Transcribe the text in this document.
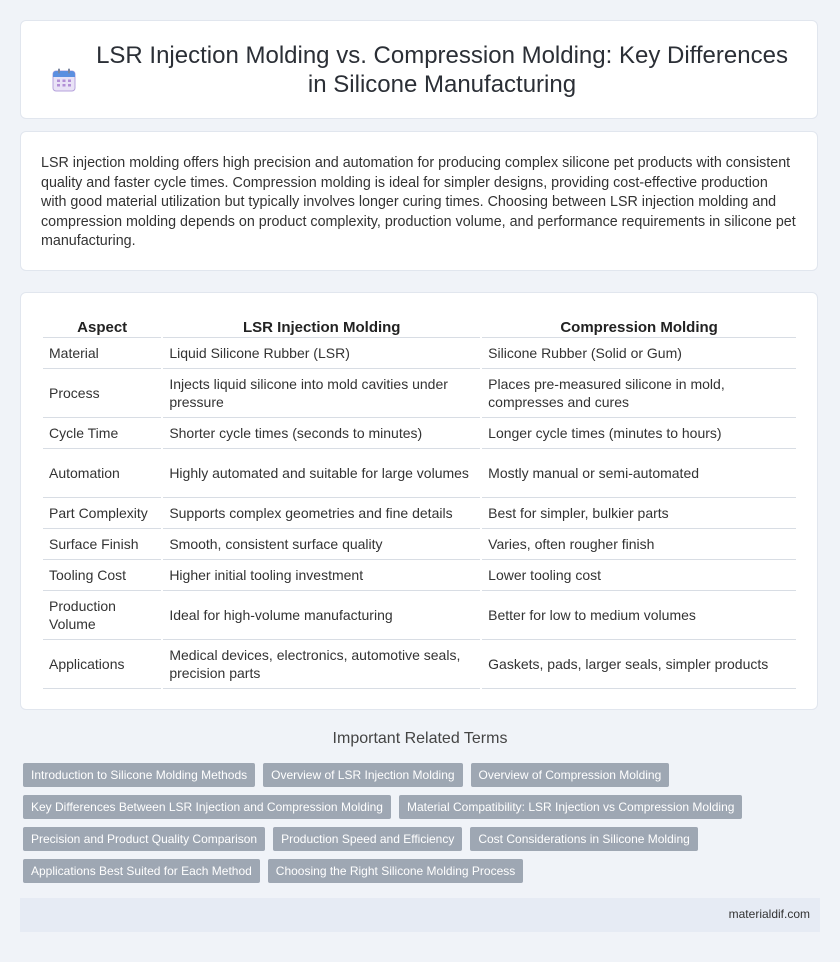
LSR Injection Molding vs. Compression Molding: Key Differences in Silicone Manufacturing

LSR injection molding offers high precision and automation for producing complex silicone pet products with consistent quality and faster cycle times. Compression molding is ideal for simpler designs, providing cost-effective production with good material utilization but typically involves longer curing times. Choosing between LSR injection molding and compression molding depends on product complexity, production volume, and performance requirements in silicone pet manufacturing.

Aspect	LSR Injection Molding	Compression Molding
Material	Liquid Silicone Rubber (LSR)	Silicone Rubber (Solid or Gum)
Process	Injects liquid silicone into mold cavities under pressure	Places pre-measured silicone in mold, compresses and cures
Cycle Time	Shorter cycle times (seconds to minutes)	Longer cycle times (minutes to hours)
Automation	Highly automated and suitable for large volumes	Mostly manual or semi-automated
Part Complexity	Supports complex geometries and fine details	Best for simpler, bulkier parts
Surface Finish	Smooth, consistent surface quality	Varies, often rougher finish
Tooling Cost	Higher initial tooling investment	Lower tooling cost
Production Volume	Ideal for high-volume manufacturing	Better for low to medium volumes
Applications	Medical devices, electronics, automotive seals, precision parts	Gaskets, pads, larger seals, simpler products
Important Related Terms
Introduction to Silicone Molding Methods	Overview of LSR Injection Molding	Overview of Compression Molding
Key Differences Between LSR Injection and Compression Molding	Material Compatibility: LSR Injection vs Compression Molding
Precision and Product Quality Comparison	Production Speed and Efficiency	Cost Considerations in Silicone Molding
Applications Best Suited for Each Method	Choosing the Right Silicone Molding Process
materialdif.com
